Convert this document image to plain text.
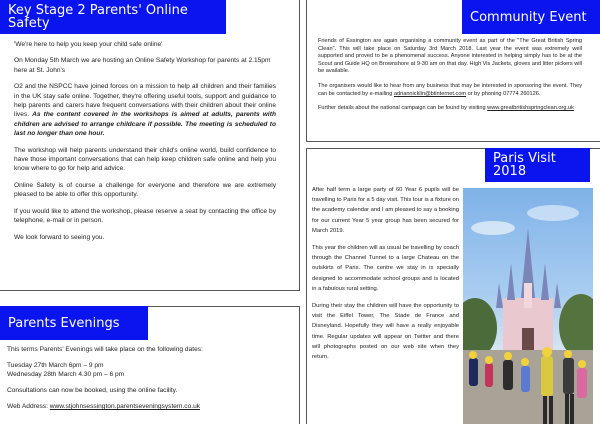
Key Stage 2 Parents' Online Safety

'We're here to help you keep your child safe online'

On Monday 5th March we are hosting an Online Safety Workshop for parents at 2.15pm here at St. John's

O2 and the NSPCC have joined forces on a mission to help all children and their families in the UK stay safe online. Together, they're offering useful tools, support and guidance to help parents and carers have frequent conversations with their children about their online lives. As the content covered in the workshops is aimed at adults, parents with children are advised to arrange childcare if possible. The meeting is scheduled to last no longer than one hour.

The workshop will help parents understand their child's online world, build confidence to have those important conversations that can help keep children safe online and help you know where to go for help and advice.

Online Safety is of course a challenge for everyone and therefore we are extremely pleased to be able to offer this opportunity.

If you would like to attend the workshop, please reserve a seat by contacting the office by telephone, e-mail or in person.

We look forward to seeing you.

Parents Evenings

This terms Parents' Evenings will take place on the following dates:

Tuesday 27th March 6pm – 9 pm
Wednesday 28th March 4.30 pm – 6 pm

Consultations can now be booked, using the online facility.

Web Address: www.stjohnsessington.parentseveningsystem.co.uk

Community Event

Friends of Essington are again organising a community event as part of the "The Great British Spring Clean". This will take place on Saturday 3rd March 2018. Last year the event was extremely well supported and proved to be a phenomenal success. Anyone interested in helping simply has to be at the Scout and Guide HQ on Brownshore at 9-30 am on that day. High Vis Jackets, gloves and litter pickers will be available.

The organisers would like to hear from any business that may be interested in sponsoring the event. They can be contacted by e-mailing adriannicklin@btinternet.com or by phoning 07774 260126.

Further details about the national campaign can be found by visiting www.greatbritishspringclean.org.uk

Paris Visit 2018

After half term a large party of 60 Year 6 pupils will be travelling to Paris for a 5 day visit. This tour is a fixture on the academy calendar and I am pleased to say a booking for our current Year 5 year group has been secured for March 2019.

This year the children will as usual be travelling by coach through the Channel Tunnel to a large Chateau on the outskirts of Paris. The centre we stay in is specially designed to accommodate school groups and is located in a fabulous rural setting.

During their stay the children will have the opportunity to visit the Eiffel Tower, The Stade de France and Disneyland. Hopefully they will have a really enjoyable time. Regular updates will appear on Twitter and there will photographs posted on our web site when they return.
